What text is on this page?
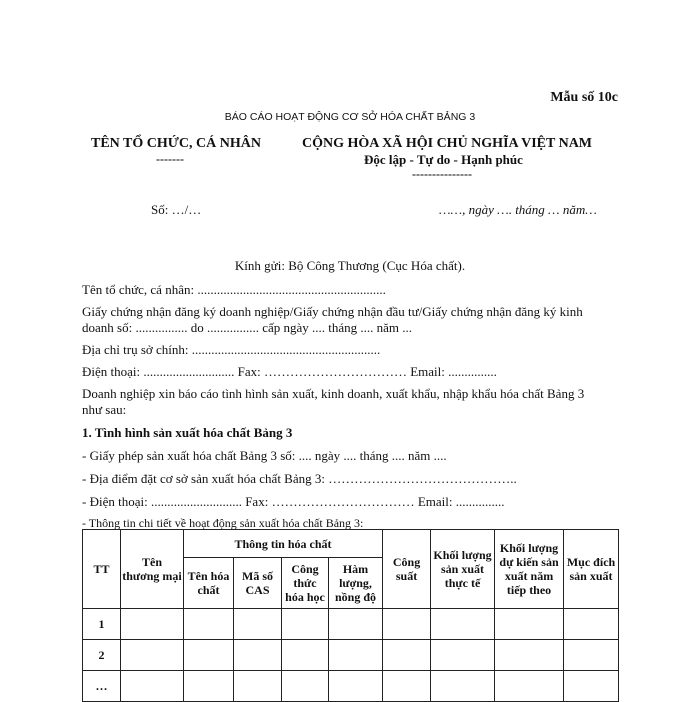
Mẫu số 10c
BÁO CÁO HOẠT ĐỘNG CƠ SỞ HÓA CHẤT BẢNG 3
TÊN TỔ CHỨC, CÁ NHÂN
-------
CỘNG HÒA XÃ HỘI CHỦ NGHĨA VIỆT NAM
Độc lập - Tự do - Hạnh phúc
---------------
Số: …/…	……, ngày …. tháng … năm…
Kính gửi: Bộ Công Thương (Cục Hóa chất).
Tên tổ chức, cá nhân: ..........................................................
Giấy chứng nhận đăng ký doanh nghiệp/Giấy chứng nhận đầu tư/Giấy chứng nhận đăng ký kinh
doanh số: ................ do ................ cấp ngày .... tháng .... năm ...
Địa chỉ trụ sở chính: ..........................................................
Điện thoại: ............................ Fax: …………………………… Email: ...............
Doanh nghiệp xin báo cáo tình hình sản xuất, kinh doanh, xuất khẩu, nhập khẩu hóa chất Bảng 3
như sau:
1. Tình hình sản xuất hóa chất Bảng 3
- Giấy phép sản xuất hóa chất Bảng 3 số: .... ngày .... tháng .... năm ....
- Địa điểm đặt cơ sở sản xuất hóa chất Bảng 3: ……………………………………..
- Điện thoại: ............................ Fax: …………………………… Email: ...............
- Thông tin chi tiết về hoạt động sản xuất hóa chất Bảng 3:
TT	Tên thương mại	Thông tin hóa chất				Công suất	Khối lượng sản xuất thực tế	Khối lượng dự kiến sản xuất năm tiếp theo	Mục đích sản xuất
		Tên hóa chất	Mã số CAS	Công thức hóa học	Hàm lượng, nồng độ				
1									
2									
…									
